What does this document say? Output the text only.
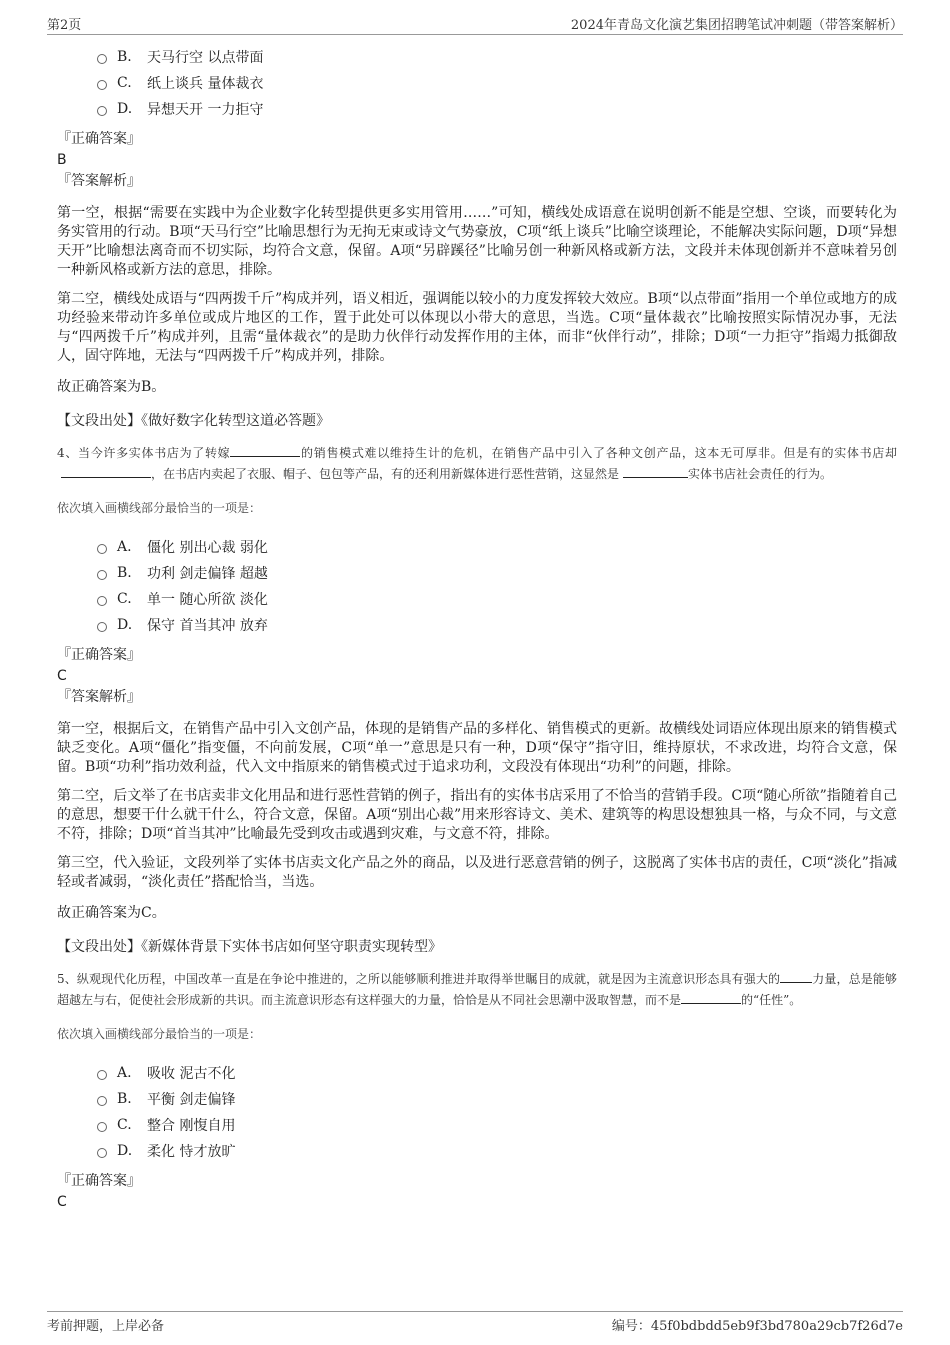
第2页	2024年青岛文化演艺集团招聘笔试冲刺题（带答案解析）
B.	天马行空 以点带面
C.	纸上谈兵 量体裁衣
D.	异想天开 一力拒守
『正确答案』
B
『答案解析』
第一空，根据“需要在实践中为企业数字化转型提供更多实用管用……”可知，横线处成语意在说明创新不能是空想、空谈，而要转化为务实管用的行动。B项“天马行空”比喻思想行为无拘无束或诗文气势豪放，C项“纸上谈兵”比喻空谈理论，不能解决实际问题，D项“异想天开”比喻想法离奇而不切实际，均符合文意，保留。A项“另辟蹊径”比喻另创一种新风格或新方法，文段并未体现创新并不意味着另创一种新风格或新方法的意思，排除。
第二空，横线处成语与“四两拨千斤”构成并列，语义相近，强调能以较小的力度发挥较大效应。B项“以点带面”指用一个单位或地方的成功经验来带动许多单位或成片地区的工作，置于此处可以体现以小带大的意思，当选。C项“量体裁衣”比喻按照实际情况办事，无法与“四两拨千斤”构成并列，且需“量体裁衣”的是助力伙伴行动发挥作用的主体，而非“伙伴行动”，排除；D项“一力拒守”指竭力抵御敌人，固守阵地，无法与“四两拨千斤”构成并列，排除。
故正确答案为B。
【文段出处】《做好数字化转型这道必答题》
4、当今许多实体书店为了转嫁	的销售模式难以维持生计的危机，在销售产品中引入了各种文创产品，这本无可厚非。但是有的实体书店却，在书店内卖起了衣服、帽子、包包等产品，有的还利用新媒体进行恶性营销，这显然是	实体书店社会责任的行为。
依次填入画横线部分最恰当的一项是：
A.	僵化 别出心裁 弱化
B.	功利 剑走偏锋 超越
C.	单一 随心所欲 淡化
D.	保守 首当其冲 放弃
『正确答案』
C
『答案解析』
第一空，根据后文，在销售产品中引入文创产品，体现的是销售产品的多样化、销售模式的更新。故横线处词语应体现出原来的销售模式缺乏变化。A项“僵化”指变僵，不向前发展，C项“单一”意思是只有一种，D项“保守”指守旧，维持原状，不求改进，均符合文意，保留。B项“功利”指功效利益，代入文中指原来的销售模式过于追求功利，文段没有体现出“功利”的问题，排除。
第二空，后文举了在书店卖非文化用品和进行恶性营销的例子，指出有的实体书店采用了不恰当的营销手段。C项“随心所欲”指随着自己的意思，想要干什么就干什么，符合文意，保留。A项“别出心裁”用来形容诗文、美术、建筑等的构思设想独具一格，与众不同，与文意不符，排除；D项“首当其冲”比喻最先受到攻击或遇到灾难，与文意不符，排除。
第三空，代入验证，文段列举了实体书店卖文化产品之外的商品，以及进行恶意营销的例子，这脱离了实体书店的责任，C项“淡化”指减轻或者减弱，“淡化责任”搭配恰当，当选。
故正确答案为C。
【文段出处】《新媒体背景下实体书店如何坚守职责实现转型》
5、纵观现代化历程，中国改革一直是在争论中推进的，之所以能够顺利推进并取得举世瞩目的成就，就是因为主流意识形态具有强大的	力量，总是能够超越左与右，促使社会形成新的共识。而主流意识形态有这样强大的力量，恰恰是从不同社会思潮中汲取智慧，而不是	的“任性”。
依次填入画横线部分最恰当的一项是：
A.	吸收 泥古不化
B.	平衡 剑走偏锋
C.	整合 刚愎自用
D.	柔化 恃才放旷
『正确答案』
C
考前押题，上岸必备	编号：45f0bdbdd5eb9f3bd780a29cb7f26d7e
